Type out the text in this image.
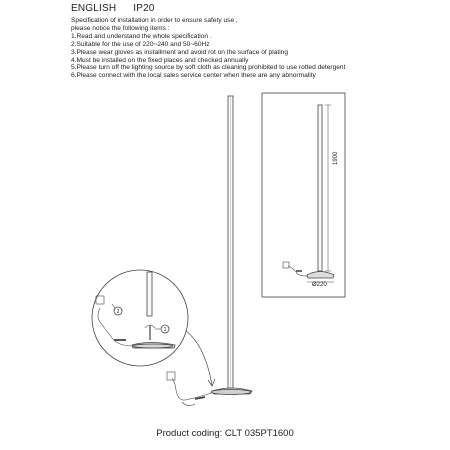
ENGLISH IP20
Specification of installation in order to ensure safety use ,
please notice the following items :
1.Read and understand the whole specification .
2.Suitable for the use of 220~240 and 50~60Hz
3.Please wear gloves as installment and avoid rot on the surface of plating
4.Must be installed on the fixed places and checked annually
5.Please turn off the lighting source by soft cloth as cleaning prohibited to use rotted detergent
6.Please connect with the local sales service center when there are any abnormality
2
1
1900
Ø220
Product coding: CLT 035PT1600
